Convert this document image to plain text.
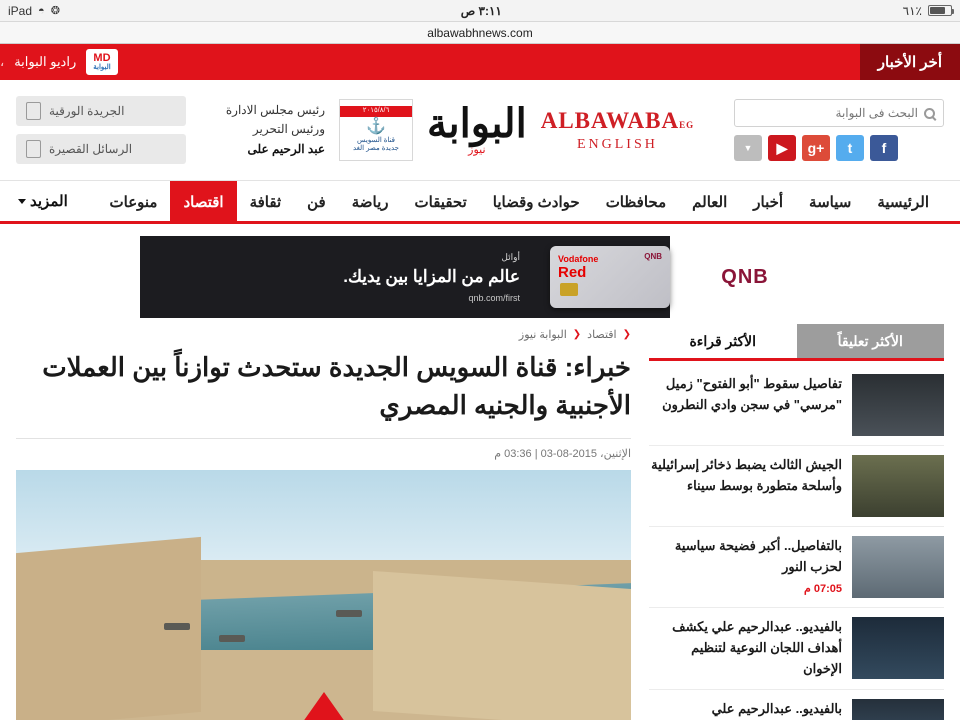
iPad ◓ ❂	٣:١١ ص	٦١٪
albawabhnews.com
أخر الأخبار
MD
البوابة
راديو البوابة
،
البحث فى البوابة
▼	▶	g+	t	f
ALBAWABAEG
ENGLISH
البوابة
نيوز
٢٠١٥/٨/٦
⚓
قناة السويس
جديدة مصر الغد
رئيس مجلس الادارة
ورئيس التحرير
عبد الرحيم على
الجريدة الورقية
الرسائل القصيرة
الرئيسية
سياسة
أخبار
العالم
محافظات
حوادث وقضايا
تحقيقات
رياضة
فن
ثقافة
اقتصاد
منوعات
المزيد
QNB
Vodafone
Red
QNB
أوائل
عالم من المزايا بين يديك.
qnb.com/first
الأكثر تعليقاً
الأكثر قراءة
تفاصيل سقوط "أبو الفتوح" زميل "مرسي" في سجن وادي النطرون
الجيش الثالث يضبط ذخائر إسرائيلية وأسلحة متطورة بوسط سيناء
بالتفاصيل.. أكبر فضيحة سياسية لحزب النور
07:05 م
بالفيديو.. عبدالرحيم علي يكشف أهداف اللجان النوعية لتنظيم الإخوان
بالفيديو.. عبدالرحيم علي
❮
اقتصاد
❮
البوابة نيوز
خبراء: قناة السويس الجديدة ستحدث توازناً بين العملات الأجنبية والجنيه المصري
الإثنين، 2015-08-03 | 03:36 م
